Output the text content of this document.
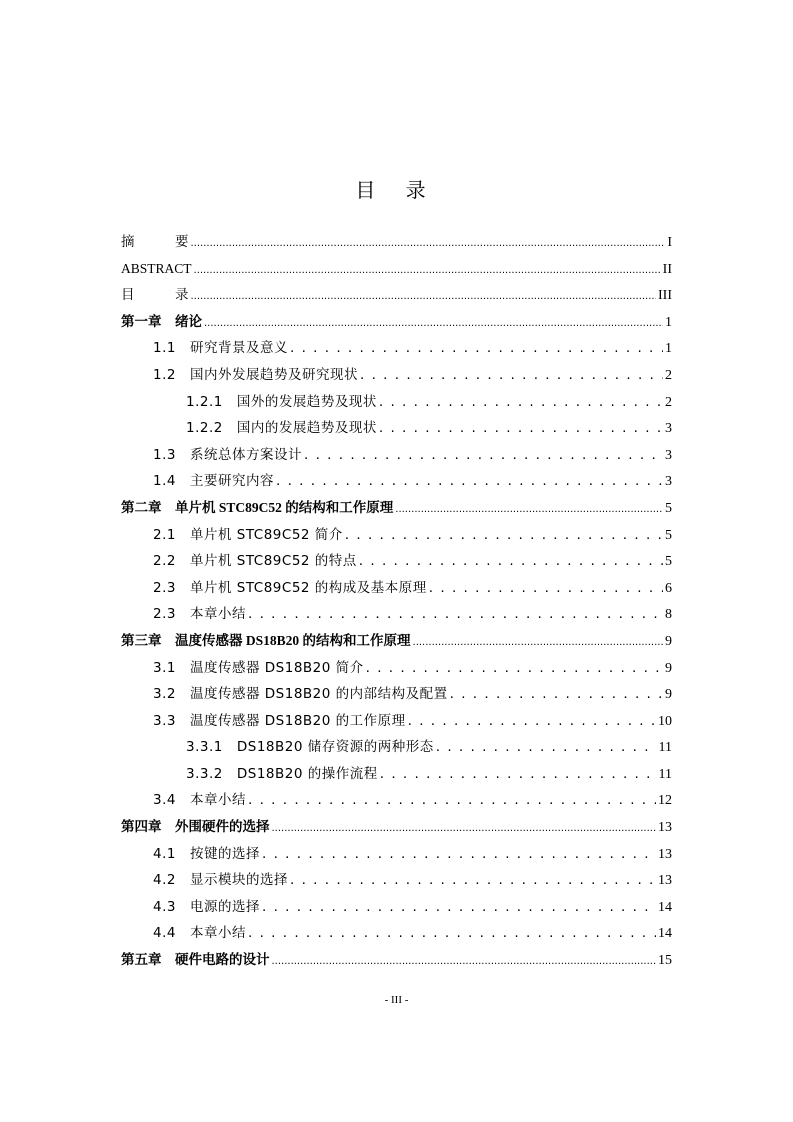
目 录
摘　　　要 .....	I
ABSTRACT .....	II
目　　　录 .....	III
第一章　绪论 .....	1
1.1　研究背景及意义 . . .	1
1.2　国内外发展趋势及研究现状 . . .	2
1.2.1　国外的发展趋势及现状 . . .	2
1.2.2　国内的发展趋势及现状 . . .	3
1.3　系统总体方案设计 . . .	3
1.4　主要研究内容 . . .	3
第二章　单片机 STC89C52 的结构和工作原理 .....	5
2.1　单片机 STC89C52 简介 . . .	5
2.2　单片机 STC89C52 的特点 . . .	5
2.3　单片机 STC89C52 的构成及基本原理 . . .	6
2.3　本章小结 . . .	8
第三章　温度传感器 DS18B20 的结构和工作原理 .....	9
3.1　温度传感器 DS18B20 简介 . . .	9
3.2　温度传感器 DS18B20 的内部结构及配置 . . .	9
3.3　温度传感器 DS18B20 的工作原理 . . .	10
3.3.1　DS18B20 储存资源的两种形态 . . .	11
3.3.2　DS18B20 的操作流程 . . .	11
3.4　本章小结 . . .	12
第四章　外围硬件的选择 .....	13
4.1　按键的选择 . . .	13
4.2　显示模块的选择 . . .	13
4.3　电源的选择 . . .	14
4.4　本章小结 . . .	14
第五章　硬件电路的设计 .....	15
- III -
